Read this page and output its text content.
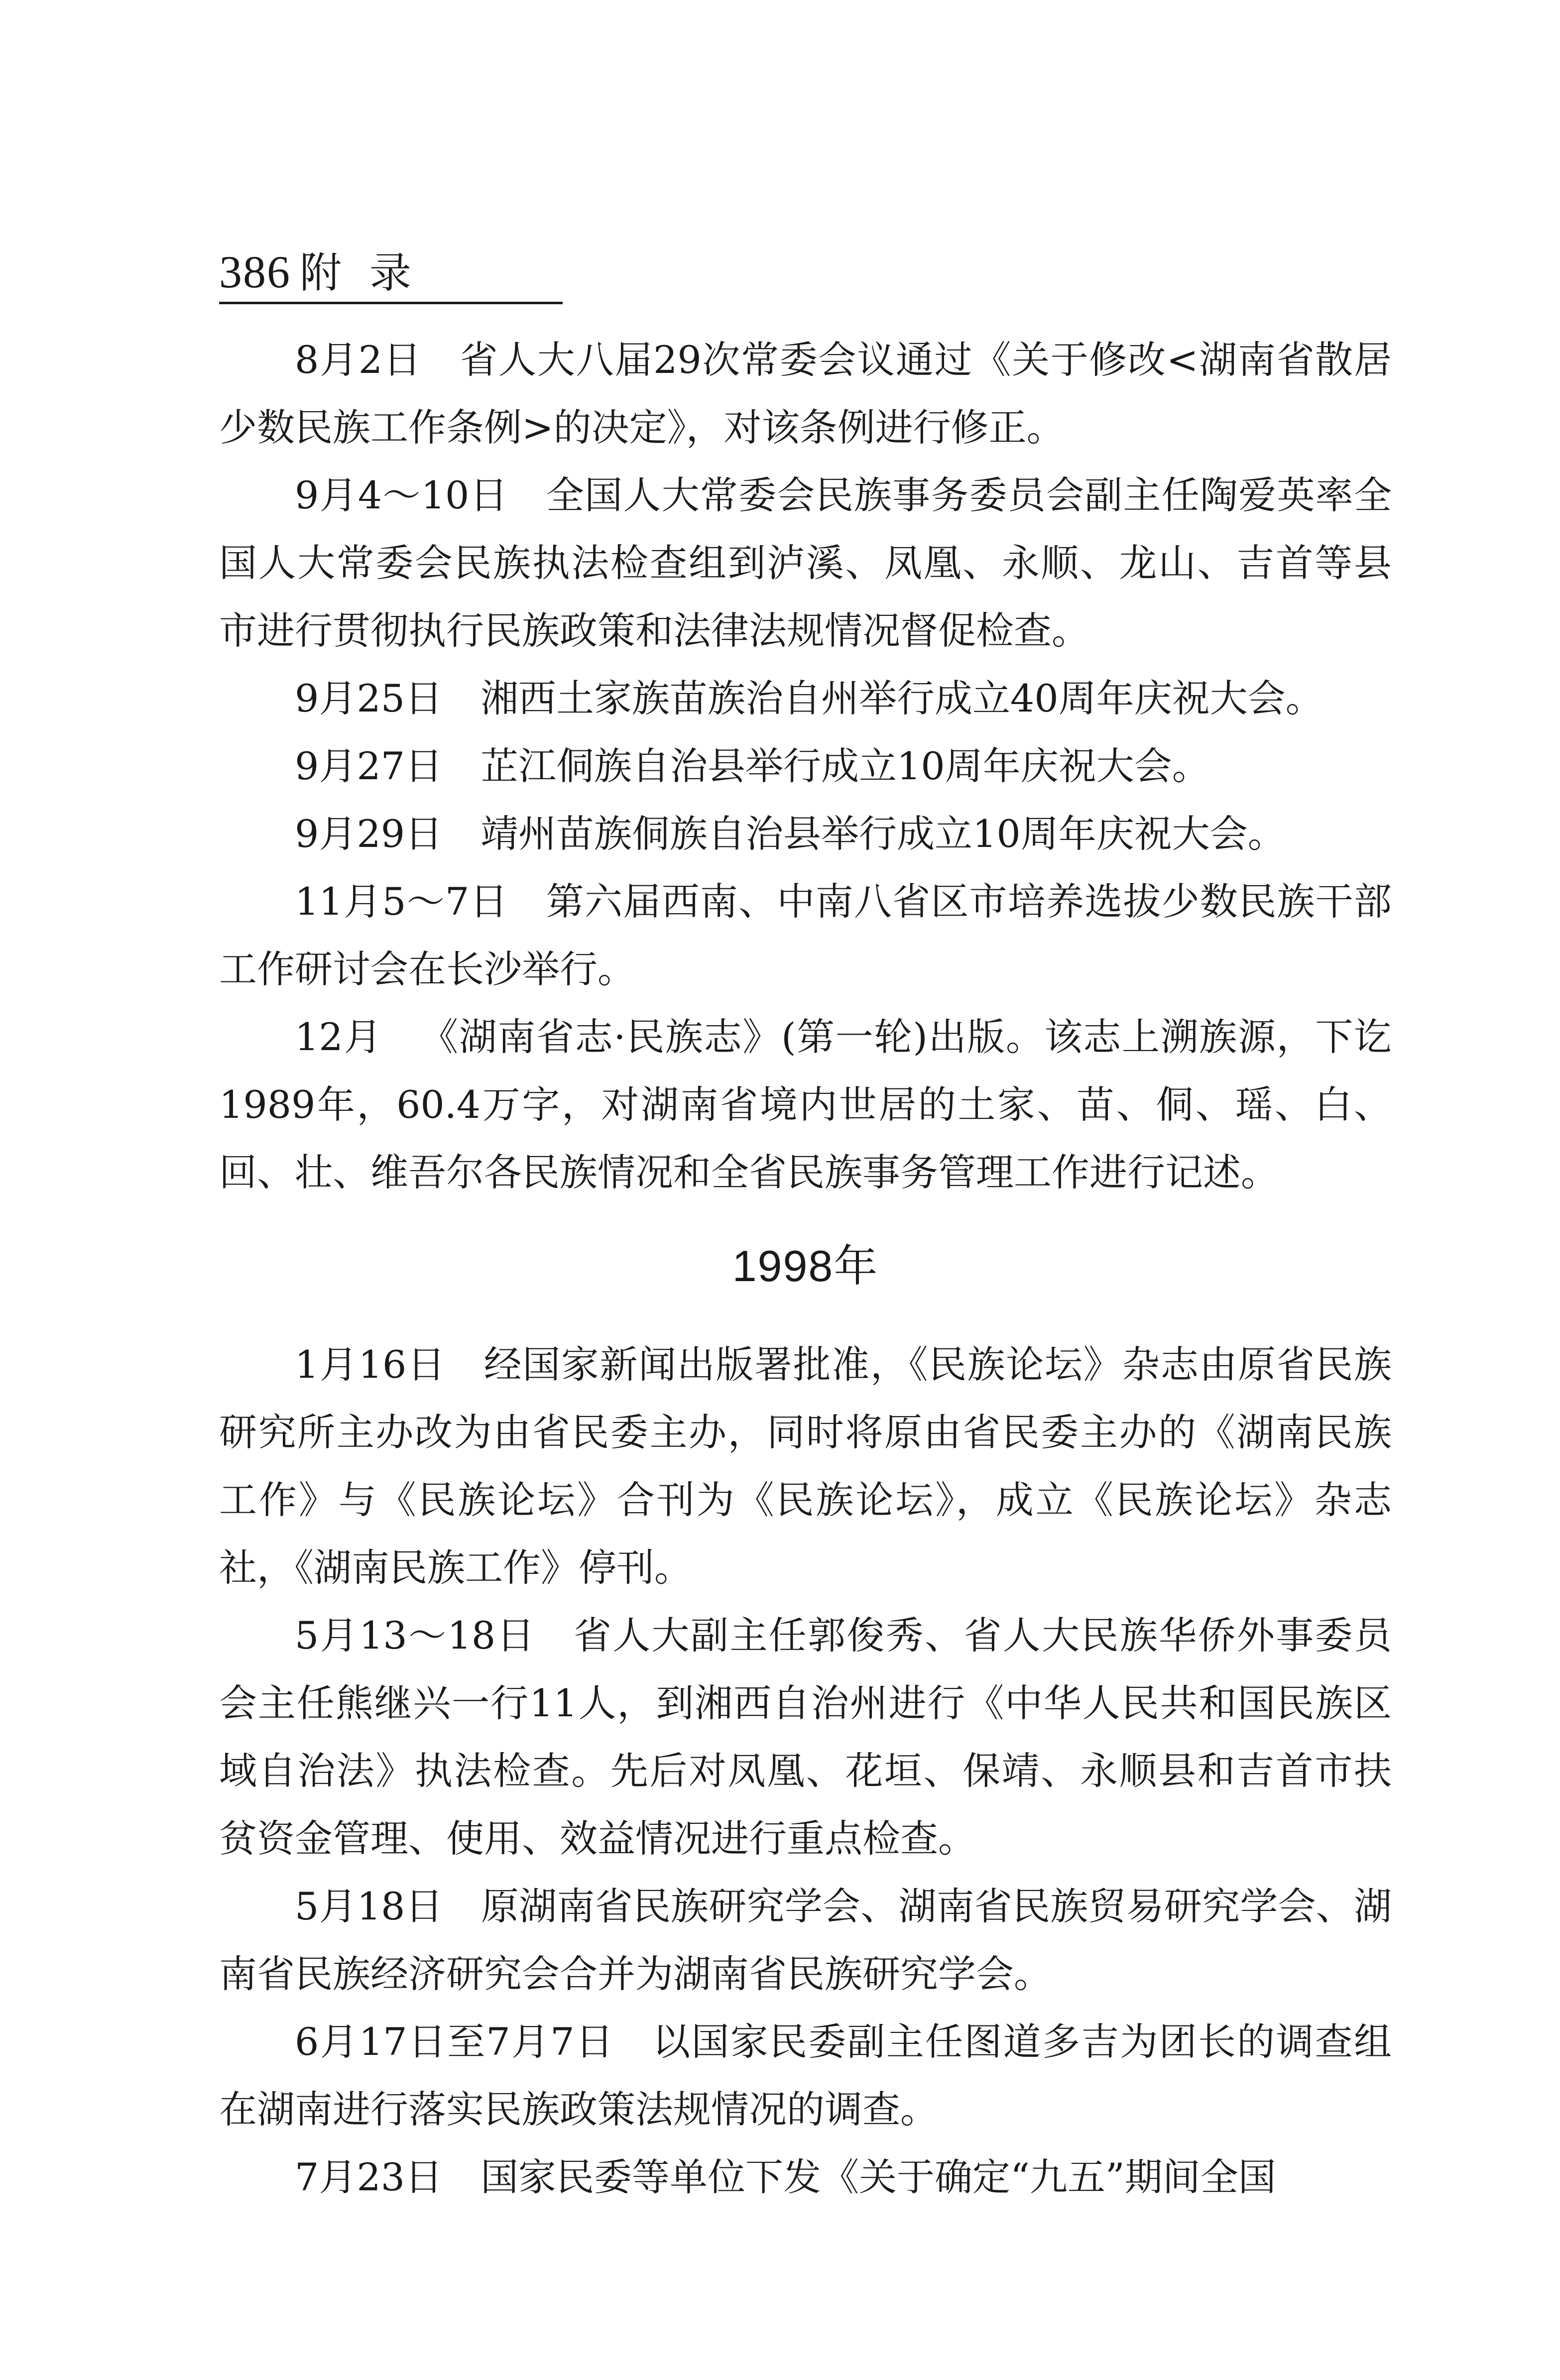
386 附录

8月2日 省人大八届29次常委会议通过《关于修改<湖南省散居少数民族工作条例>的决定》，对该条例进行修正。

9月4～10日 全国人大常委会民族事务委员会副主任陶爱英率全国人大常委会民族执法检查组到泸溪、凤凰、永顺、龙山、吉首等县市进行贯彻执行民族政策和法律法规情况督促检查。

9月25日 湘西土家族苗族治自州举行成立40周年庆祝大会。

9月27日 芷江侗族自治县举行成立10周年庆祝大会。

9月29日 靖州苗族侗族自治县举行成立10周年庆祝大会。

11月5～7日 第六届西南、中南八省区市培养选拔少数民族干部工作研讨会在长沙举行。

12月 《湖南省志·民族志》(第一轮)出版。该志上溯族源，下讫1989年，60.4万字，对湖南省境内世居的土家、苗、侗、瑶、白、回、壮、维吾尔各民族情况和全省民族事务管理工作进行记述。

1998年

1月16日 经国家新闻出版署批准，《民族论坛》杂志由原省民族研究所主办改为由省民委主办，同时将原由省民委主办的《湖南民族工作》与《民族论坛》合刊为《民族论坛》，成立《民族论坛》杂志社，《湖南民族工作》停刊。

5月13～18日 省人大副主任郭俊秀、省人大民族华侨外事委员会主任熊继兴一行11人，到湘西自治州进行《中华人民共和国民族区域自治法》执法检查。先后对凤凰、花垣、保靖、永顺县和吉首市扶贫资金管理、使用、效益情况进行重点检查。

5月18日 原湖南省民族研究学会、湖南省民族贸易研究学会、湖南省民族经济研究会合并为湖南省民族研究学会。

6月17日至7月7日 以国家民委副主任图道多吉为团长的调查组在湖南进行落实民族政策法规情况的调查。

7月23日 国家民委等单位下发《关于确定“九五”期间全国
